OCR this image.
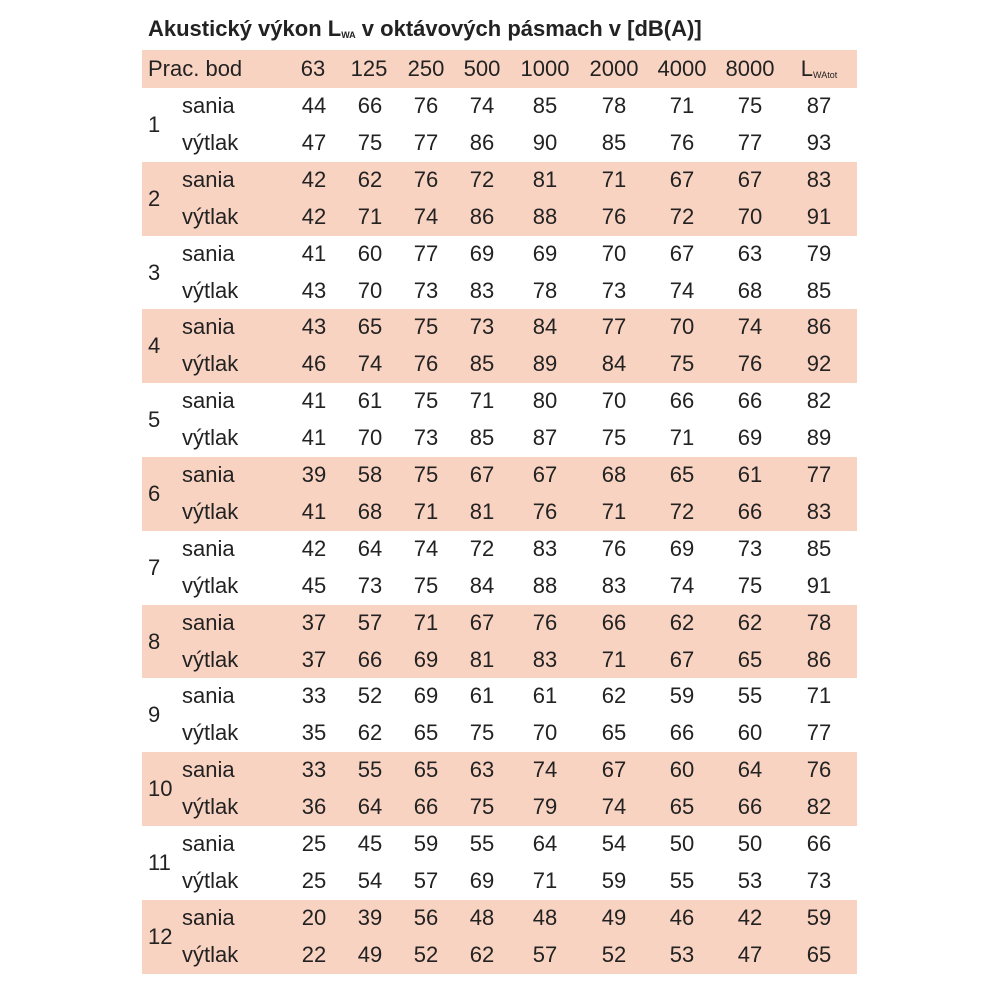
Akustický výkon $L_{WA}$ v oktávových pásmach v [dB(A)]
Prac. bod	63	125 250 500 1000 2000 4000 8000	$L_{WAtot}$
1
sania	44	66	76	74	85	78	71	75	87
výtlak	47	75	77	86	90	85	76	77	93
2
sania	42	62	76	72	81	71	67	67	83
výtlak	42	71	74	86	88	76	72	70	91
3
sania	41	60	77	69	69	70	67	63	79
výtlak	43	70	73	83	78	73	74	68	85
4
sania	43	65	75	73	84	77	70	74	86
výtlak	46	74	76	85	89	84	75	76	92
5
sania	41	61	75	71	80	70	66	66	82
výtlak	41	70	73	85	87	75	71	69	89
6
sania	39	58	75	67	67	68	65	61	77
výtlak	41	68	71	81	76	71	72	66	83
7
sania	42	64	74	72	83	76	69	73	85
výtlak	45	73	75	84	88	83	74	75	91
8
sania	37	57	71	67	76	66	62	62	78
výtlak	37	66	69	81	83	71	67	65	86
9
sania	33	52	69	61	61	62	59	55	71
výtlak	35	62	65	75	70	65	66	60	77
10
sania	33	55	65	63	74	67	60	64	76
výtlak	36	64	66	75	79	74	65	66	82
11
sania	25	45	59	55	64	54	50	50	66
výtlak	25	54	57	69	71	59	55	53	73
12
sania	20	39	56	48	48	49	46	42	59
výtlak	22	49	52	62	57	52	53	47	65
